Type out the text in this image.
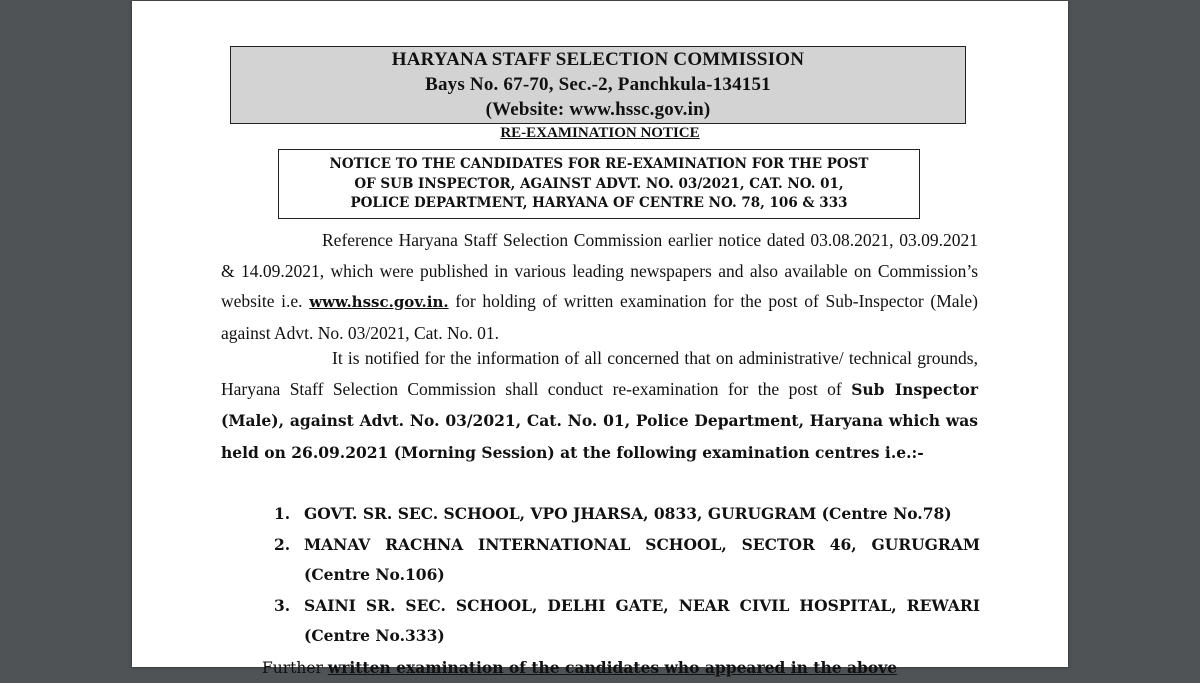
HARYANA STAFF SELECTION COMMISSION
Bays No. 67-70, Sec.-2, Panchkula-134151
(Website: www.hssc.gov.in)
RE-EXAMINATION NOTICE
NOTICE TO THE CANDIDATES FOR RE-EXAMINATION FOR THE POST
OF SUB INSPECTOR, AGAINST ADVT. NO. 03/2021, CAT. NO. 01,
POLICE DEPARTMENT, HARYANA OF CENTRE NO. 78, 106 & 333
Reference Haryana Staff Selection Commission earlier notice dated 03.08.2021, 03.09.2021 & 14.09.2021, which were published in various leading newspapers and also available on Commission’s website i.e. www.hssc.gov.in. for holding of written examination for the post of Sub-Inspector (Male) against Advt. No. 03/2021, Cat. No. 01.
It is notified for the information of all concerned that on administrative/ technical grounds, Haryana Staff Selection Commission shall conduct re-examination for the post of Sub Inspector (Male), against Advt. No. 03/2021, Cat. No. 01, Police Department, Haryana which was held on 26.09.2021 (Morning Session) at the following examination centres i.e.:-
1. GOVT. SR. SEC. SCHOOL, VPO JHARSA, 0833, GURUGRAM (Centre No.78)
2. MANAV RACHNA INTERNATIONAL SCHOOL, SECTOR 46, GURUGRAM (Centre No.106)
3. SAINI SR. SEC. SCHOOL, DELHI GATE, NEAR CIVIL HOSPITAL, REWARI (Centre No.333)
Further written examination of the candidates who appeared in the above
